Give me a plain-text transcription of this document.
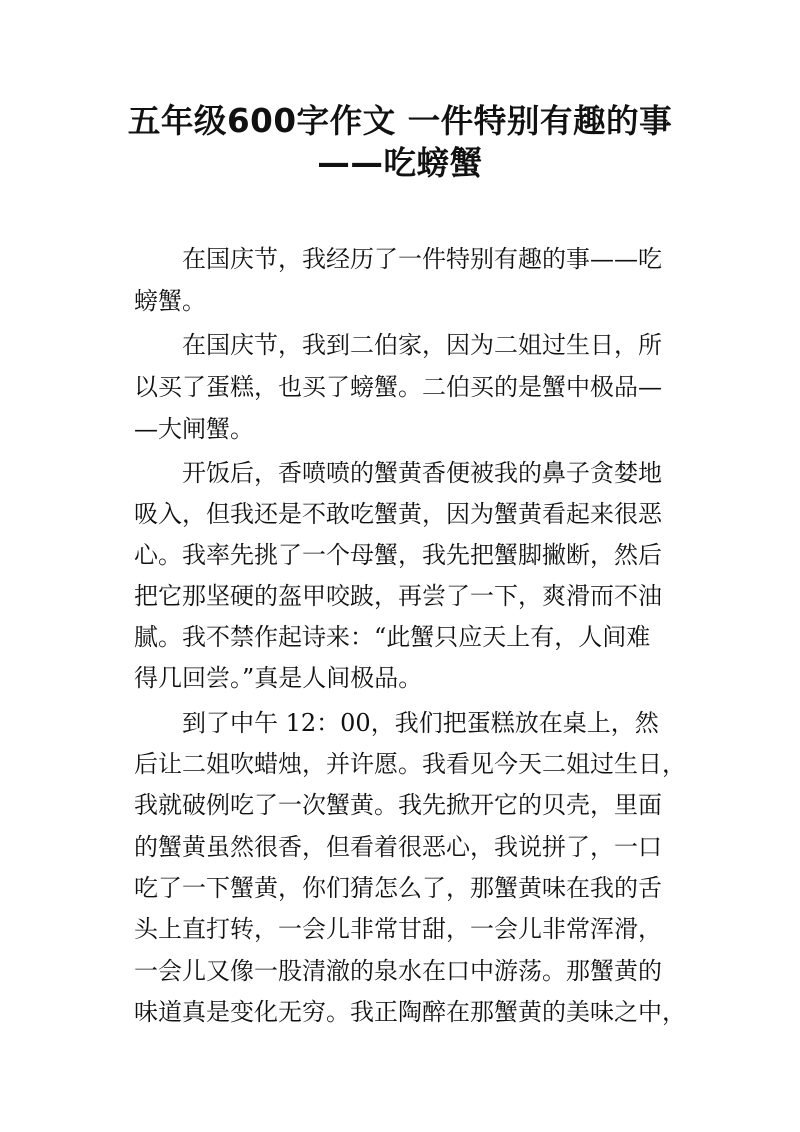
五年级600字作文 一件特别有趣的事
——吃螃蟹
在国庆节，我经历了一件特别有趣的事——吃
螃蟹。
在国庆节，我到二伯家，因为二姐过生日，所
以买了蛋糕，也买了螃蟹。二伯买的是蟹中极品—
—大闸蟹。
开饭后，香喷喷的蟹黄香便被我的鼻子贪婪地
吸入，但我还是不敢吃蟹黄，因为蟹黄看起来很恶
心。我率先挑了一个母蟹，我先把蟹脚撇断，然后
把它那坚硬的盔甲咬跛，再尝了一下，爽滑而不油
腻。我不禁作起诗来：“此蟹只应天上有，人间难
得几回尝。”真是人间极品。
到了中午 12：00，我们把蛋糕放在桌上，然
后让二姐吹蜡烛，并许愿。我看见今天二姐过生日，
我就破例吃了一次蟹黄。我先掀开它的贝壳，里面
的蟹黄虽然很香，但看着很恶心，我说拼了，一口
吃了一下蟹黄，你们猜怎么了，那蟹黄味在我的舌
头上直打转，一会儿非常甘甜，一会儿非常浑滑，
一会儿又像一股清澈的泉水在口中游荡。那蟹黄的
味道真是变化无穷。我正陶醉在那蟹黄的美味之中，
